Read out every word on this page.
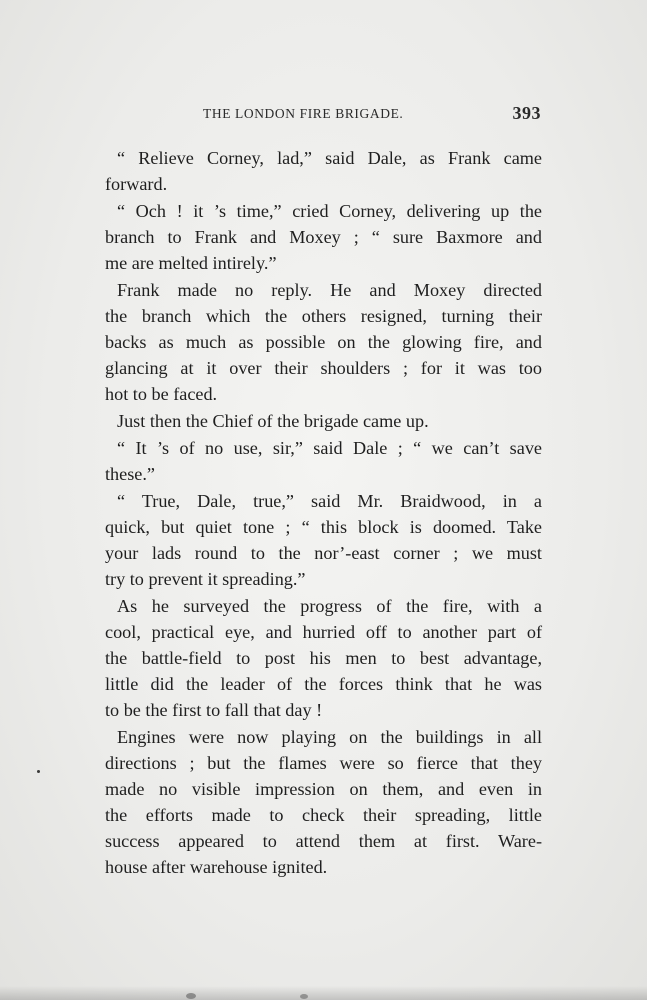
THE LONDON FIRE BRIGADE.	393

“ Relieve Corney, lad,” said Dale, as Frank came
forward.

“ Och ! it ’s time,” cried Corney, delivering up the
branch to Frank and Moxey ; “ sure Baxmore and
me are melted intirely.”

Frank made no reply. He and Moxey directed
the branch which the others resigned, turning their
backs as much as possible on the glowing fire, and
glancing at it over their shoulders ; for it was too
hot to be faced.

Just then the Chief of the brigade came up.

“ It ’s of no use, sir,” said Dale ; “ we can’t save
these.”

“ True, Dale, true,” said Mr. Braidwood, in a
quick, but quiet tone ; “ this block is doomed. Take
your lads round to the nor’-east corner ; we must
try to prevent it spreading.”

As he surveyed the progress of the fire, with a
cool, practical eye, and hurried off to another part of
the battle-field to post his men to best advantage,
little did the leader of the forces think that he was
to be the first to fall that day !

Engines were now playing on the buildings in all
directions ; but the flames were so fierce that they
made no visible impression on them, and even in
the efforts made to check their spreading, little
success appeared to attend them at first. Ware-
house after warehouse ignited.
